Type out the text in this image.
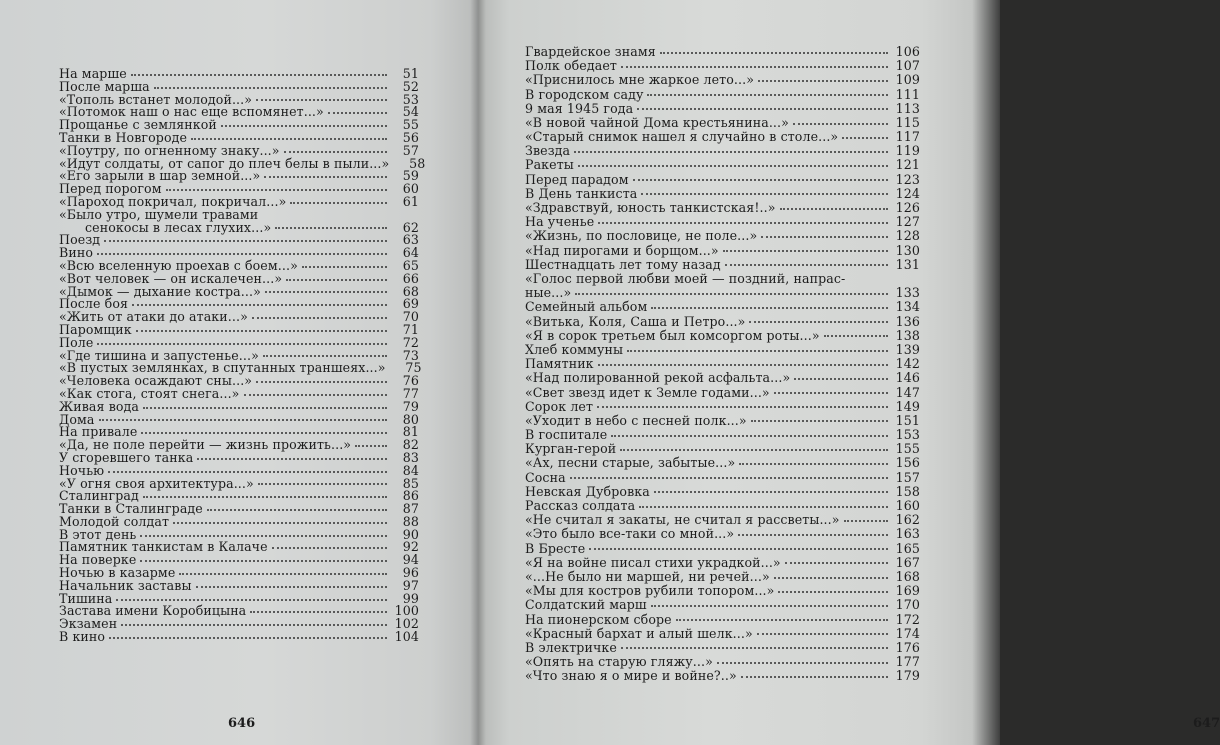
На марше	51
После марша	52
«Тополь встанет молодой...»	53
«Потомок наш о нас еще вспомянет...»	54
Прощанье с землянкой	55
Танки в Новгороде	56
«Поутру, по огненному знаку...»	57
«Идут солдаты, от сапог до плеч белы в пыли...»	58
«Его зарыли в шар земной...»	59
Перед порогом	60
«Пароход покричал, покричал...»	61
«Было утро, шумели травами
сенокосы в лесах глухих...»	62
Поезд	63
Вино	64
«Всю вселенную проехав с боем...»	65
«Вот человек — он искалечен...»	66
«Дымок — дыхание костра...»	68
После боя	69
«Жить от атаки до атаки...»	70
Паромщик	71
Поле	72
«Где тишина и запустенье...»	73
«В пустых землянках, в спутанных траншеях...»	75
«Человека осаждают сны...»	76
«Как стога, стоят снега...»	77
Живая вода	79
Дома	80
На привале	81
«Да, не поле перейти — жизнь прожить...»	82
У сгоревшего танка	83
Ночью	84
«У огня своя архитектура...»	85
Сталинград	86
Танки в Сталинграде	87
Молодой солдат	88
В этот день	90
Памятник танкистам в Калаче	92
На поверке	94
Ночью в казарме	96
Начальник заставы	97
Тишина	99
Застава имени Коробицына	100
Экзамен	102
В кино	104
646	647
Гвардейское знамя	106
Полк обедает	107
«Приснилось мне жаркое лето...»	109
В городском саду	111
9 мая 1945 года	113
«В новой чайной Дома крестьянина...»	115
«Старый снимок нашел я случайно в столе...»	117
Звезда	119
Ракеты	121
Перед парадом	123
В День танкиста	124
«Здравствуй, юность танкистская!..»	126
На ученье	127
«Жизнь, по пословице, не поле...»	128
«Над пирогами и борщом...»	130
Шестнадцать лет тому назад	131
«Голос первой любви моей — поздний, напрас-
ные...»	133
Семейный альбом	134
«Витька, Коля, Саша и Петро...»	136
«Я в сорок третьем был комсоргом роты...»	138
Хлеб коммуны	139
Памятник	142
«Над полированной рекой асфальта...»	146
«Свет звезд идет к Земле годами...»	147
Сорок лет	149
«Уходит в небо с песней полк...»	151
В госпитале	153
Курган-герой	155
«Ах, песни старые, забытые...»	156
Сосна	157
Невская Дубровка	158
Рассказ солдата	160
«Не считал я закаты, не считал я рассветы...»	162
«Это было все-таки со мной...»	163
В Бресте	165
«Я на войне писал стихи украдкой...»	167
«...Не было ни маршей, ни речей...»	168
«Мы для костров рубили топором...»	169
Солдатский марш	170
На пионерском сборе	172
«Красный бархат и алый шелк...»	174
В электричке	176
«Опять на старую гляжу...»	177
«Что знаю я о мире и войне?..»	179
